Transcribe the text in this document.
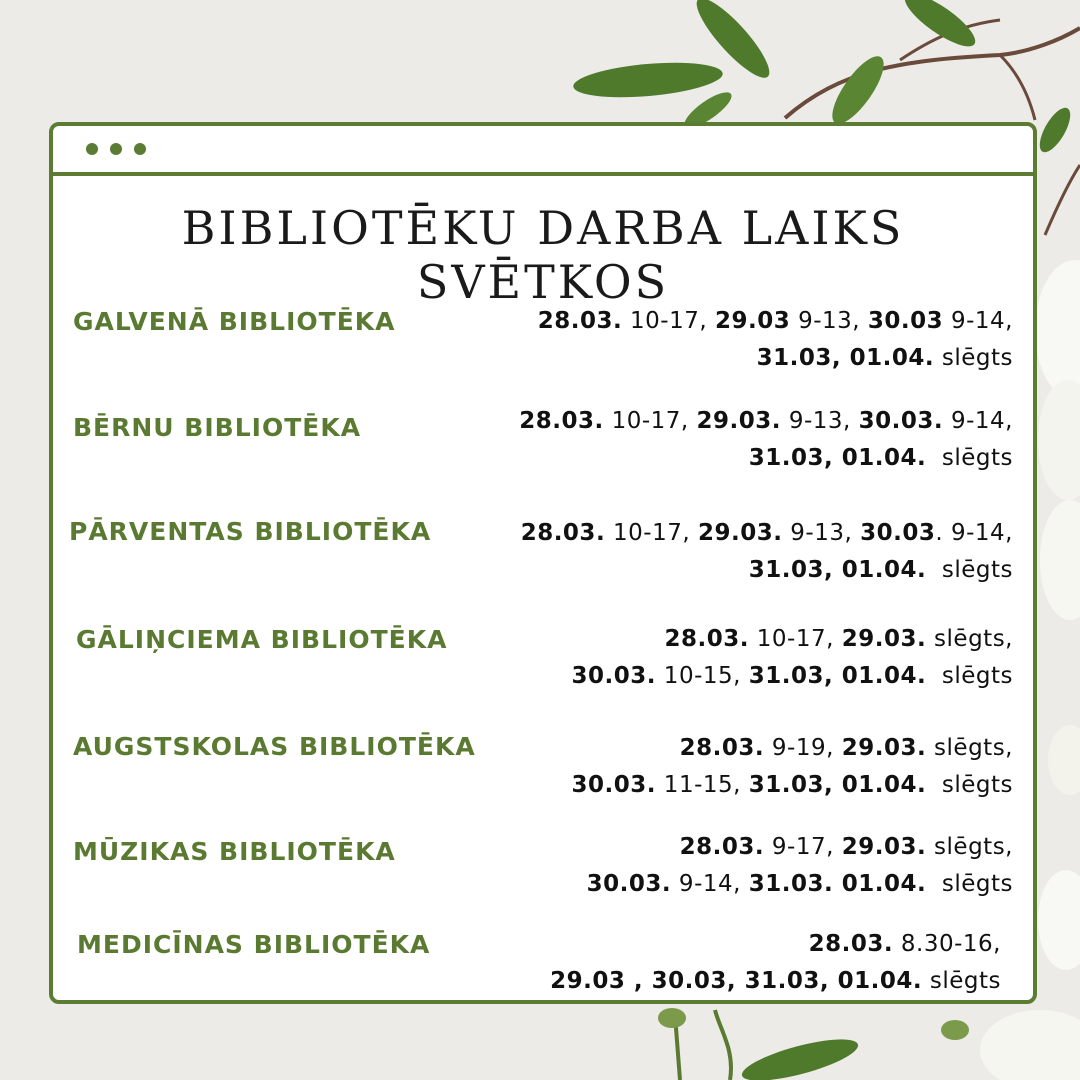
BIBLIOTĒKU DARBA LAIKS SVĒTKOS
GALVENĀ BIBLIOTĒKA	28.03. 10-17, 29.03 9-13, 30.03 9-14,
31.03, 01.04. slēgts
BĒRNU BIBLIOTĒKA	28.03. 10-17, 29.03. 9-13, 30.03. 9-14,
31.03, 01.04.  slēgts
PĀRVENTAS BIBLIOTĒKA	28.03. 10-17, 29.03. 9-13, 30.03. 9-14,
31.03, 01.04.  slēgts
GĀLIŅCIEMA BIBLIOTĒKA	28.03. 10-17, 29.03. slēgts,
30.03. 10-15, 31.03, 01.04.  slēgts
AUGSTSKOLAS BIBLIOTĒKA	28.03. 9-19, 29.03. slēgts,
30.03. 11-15, 31.03, 01.04.  slēgts
MŪZIKAS BIBLIOTĒKA	28.03. 9-17, 29.03. slēgts,
30.03. 9-14, 31.03. 01.04.  slēgts
MEDICĪNAS BIBLIOTĒKA	28.03. 8.30-16,
29.03 , 30.03, 31.03, 01.04. slēgts
